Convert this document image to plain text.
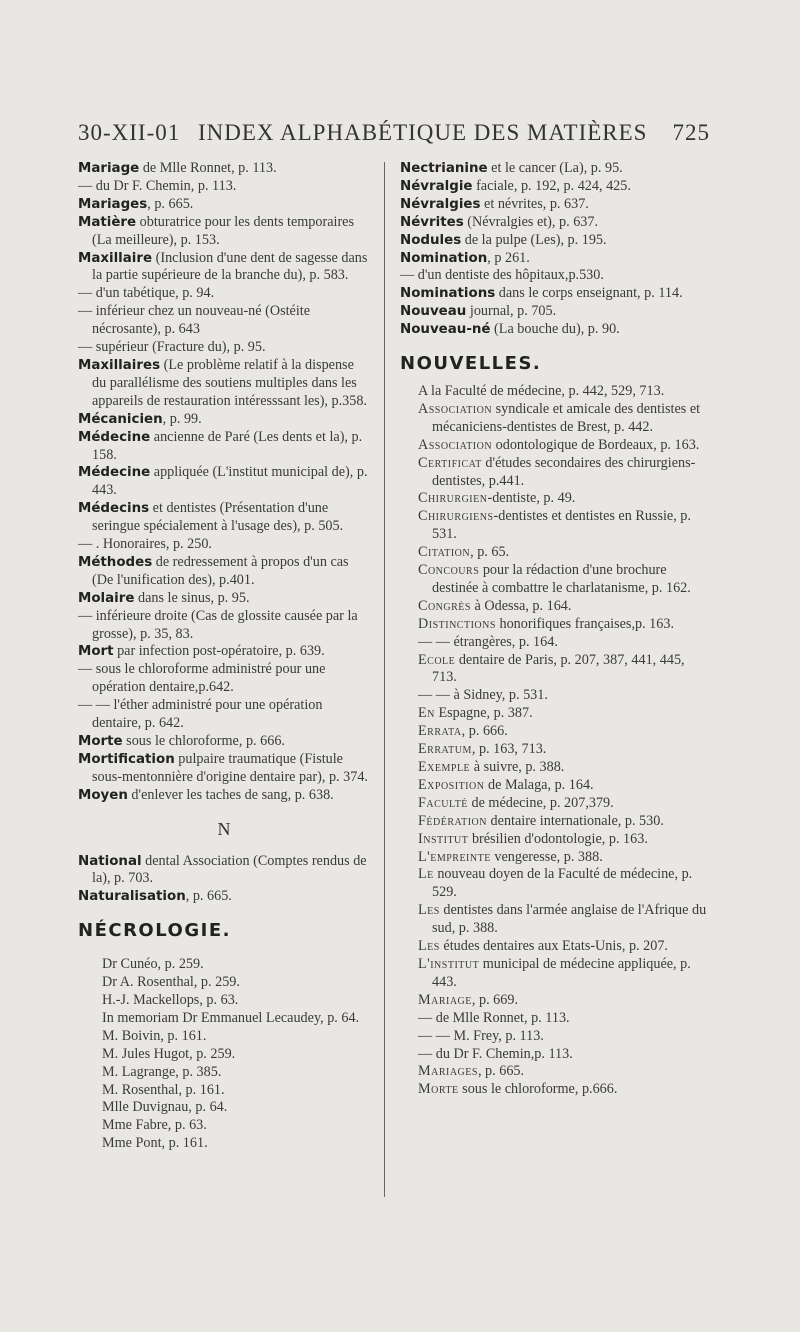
30-XII-01 INDEX ALPHABÉTIQUE DES MATIÈRES	725
Mariage de Mlle Ronnet, p. 113.
— du Dr F. Chemin, p. 113.
Mariages, p. 665.
Matière obturatrice pour les dents temporaires (La meilleure), p. 153.
Maxillaire (Inclusion d'une dent de sagesse dans la partie supérieure de la branche du), p. 583.
— d'un tabétique, p. 94.
— inférieur chez un nouveau-né (Ostéite nécrosante), p. 643
— supérieur (Fracture du), p. 95.
Maxillaires (Le problème relatif à la dispense du parallélisme des soutiens multiples dans les appareils de restauration intéresssant les), p.358.
Mécanicien, p. 99.
Médecine ancienne de Paré (Les dents et la), p. 158.
Médecine appliquée (L'institut municipal de), p. 443.
Médecins et dentistes (Présentation d'une seringue spécialement à l'usage des), p. 505.
— . Honoraires, p. 250.
Méthodes de redressement à propos d'un cas (De l'unification des), p.401.
Molaire dans le sinus, p. 95.
— inférieure droite (Cas de glossite causée par la grosse), p. 35, 83.
Mort par infection post-opératoire, p. 639.
— sous le chloroforme administré pour une opération dentaire,p.642.
— — l'éther administré pour une opération dentaire, p. 642.
Morte sous le chloroforme, p. 666.
Mortification pulpaire traumatique (Fistule sous-mentonnière d'origine dentaire par), p. 374.
Moyen d'enlever les taches de sang, p. 638.
N
National dental Association (Comptes rendus de la), p. 703.
Naturalisation, p. 665.
NÉCROLOGIE.
Dr Cunéo, p. 259.
Dr A. Rosenthal, p. 259.
H.-J. Mackellops, p. 63.
In memoriam Dr Emmanuel Lecaudey, p. 64.
M. Boivin, p. 161.
M. Jules Hugot, p. 259.
M. Lagrange, p. 385.
M. Rosenthal, p. 161.
Mlle Duvignau, p. 64.
Mme Fabre, p. 63.
Mme Pont, p. 161.
Nectrianine et le cancer (La), p. 95.
Névralgie faciale, p. 192, p. 424, 425.
Névralgies et névrites, p. 637.
Névrites (Névralgies et), p. 637.
Nodules de la pulpe (Les), p. 195.
Nomination, p 261.
— d'un dentiste des hôpitaux,p.530.
Nominations dans le corps enseignant, p. 114.
Nouveau journal, p. 705.
Nouveau-né (La bouche du), p. 90.
NOUVELLES.
A la Faculté de médecine, p. 442, 529, 713.
Association syndicale et amicale des dentistes et mécaniciens-dentistes de Brest, p. 442.
Association odontologique de Bordeaux, p. 163.
Certificat d'études secondaires des chirurgiens-dentistes, p.441.
Chirurgien-dentiste, p. 49.
Chirurgiens-dentistes et dentistes en Russie, p. 531.
Citation, p. 65.
Concours pour la rédaction d'une brochure destinée à combattre le charlatanisme, p. 162.
Congrès à Odessa, p. 164.
Distinctions honorifiques françaises,p. 163.
— — étrangères, p. 164.
Ecole dentaire de Paris, p. 207, 387, 441, 445, 713.
— — à Sidney, p. 531.
En Espagne, p. 387.
Errata, p. 666.
Erratum, p. 163, 713.
Exemple à suivre, p. 388.
Exposition de Malaga, p. 164.
Faculté de médecine, p. 207,379.
Fédération dentaire internationale, p. 530.
Institut brésilien d'odontologie, p. 163.
L'empreinte vengeresse, p. 388.
Le nouveau doyen de la Faculté de médecine, p. 529.
Les dentistes dans l'armée anglaise de l'Afrique du sud, p. 388.
Les études dentaires aux Etats-Unis, p. 207.
L'institut municipal de médecine appliquée, p. 443.
Mariage, p. 669.
— de Mlle Ronnet, p. 113.
— — M. Frey, p. 113.
— du Dr F. Chemin,p. 113.
Mariages, p. 665.
Morte sous le chloroforme, p.666.
